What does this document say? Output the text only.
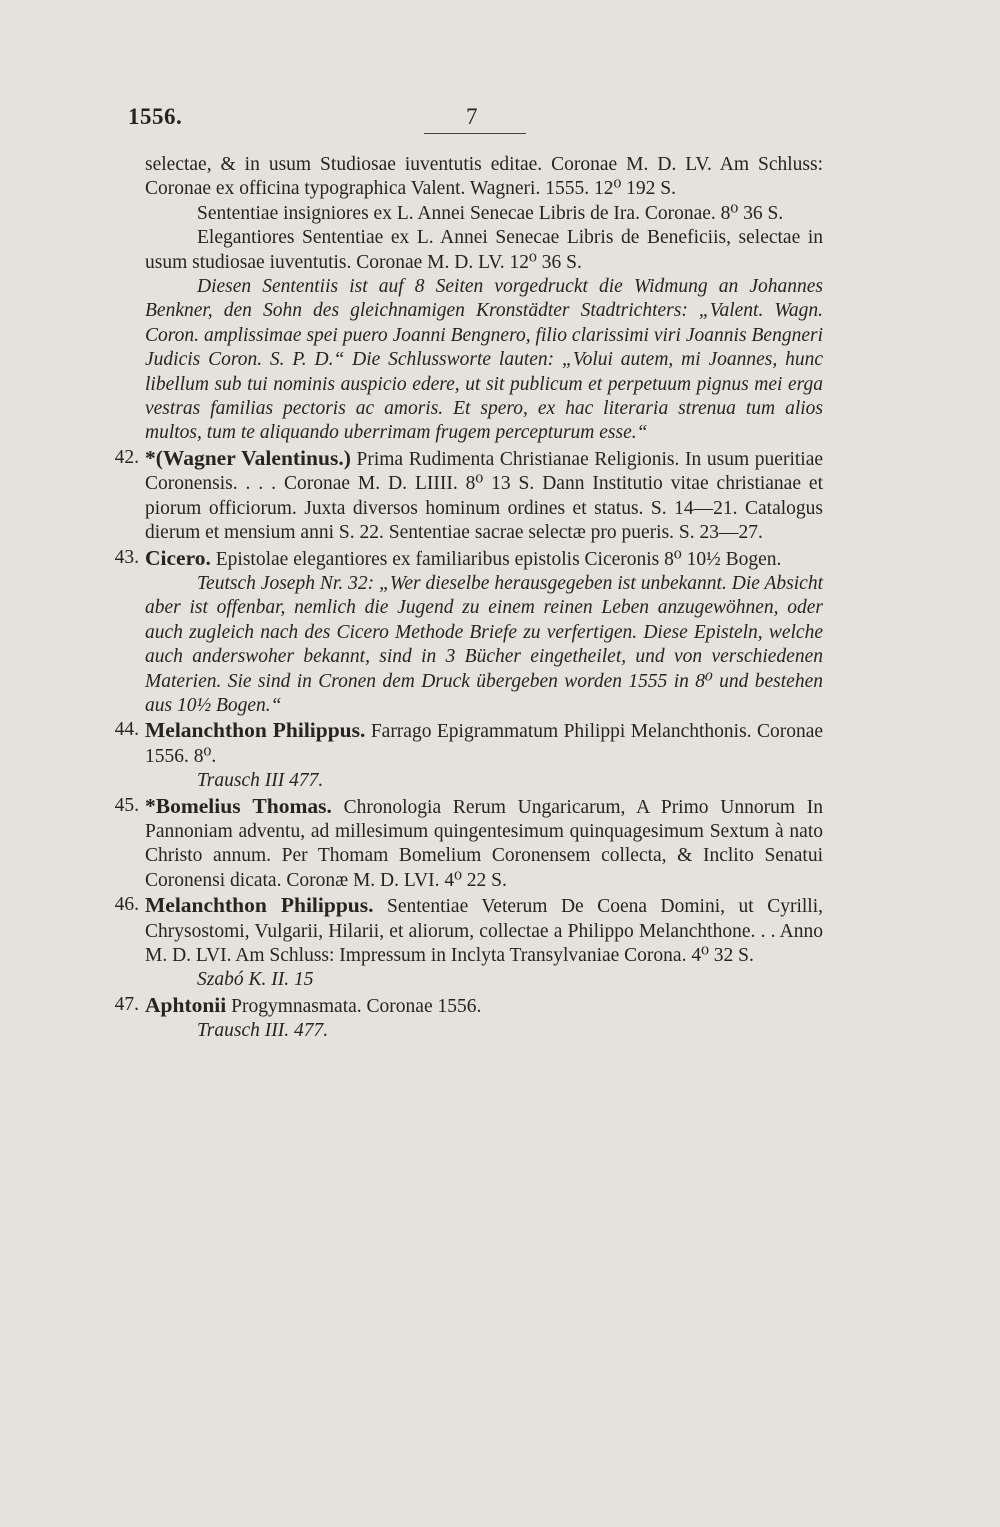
1556.	7

selectae, & in usum Studiosae iuventutis editae. Coronae M. D. LV. Am Schluss: Coronae ex officina typographica Valent. Wagneri. 1555. 12⁰ 192 S.

Sententiae insigniores ex L. Annei Senecae Libris de Ira. Coronae. 8⁰ 36 S.

Elegantiores Sententiae ex L. Annei Senecae Libris de Beneficiis, selectae in usum studiosae iuventutis. Coronae M. D. LV. 12⁰ 36 S.

Diesen Sententiis ist auf 8 Seiten vorgedruckt die Widmung an Johannes Benkner, den Sohn des gleichnamigen Kronstädter Stadtrichters: „Valent. Wagn. Coron. amplissimae spei puero Joanni Bengnero, filio clarissimi viri Joannis Bengneri Judicis Coron. S. P. D.“ Die Schlussworte lauten: „Volui autem, mi Joannes, hunc libellum sub tui nominis auspicio edere, ut sit publicum et perpetuum pignus mei erga vestras familias pectoris ac amoris. Et spero, ex hac literaria strenua tum alios multos, tum te aliquando uberrimam frugem percepturum esse.“

42. *(Wagner Valentinus.) Prima Rudimenta Christianae Religionis. In usum pueritiae Coronensis. . . . Coronae M. D. LIIII. 8⁰ 13 S. Dann Institutio vitae christianae et piorum officiorum. Juxta diversos hominum ordines et status. S. 14—21. Catalogus dierum et mensium anni S. 22. Sententiae sacrae selectæ pro pueris. S. 23—27.

43. Cicero. Epistolae elegantiores ex familiaribus epistolis Ciceronis 8⁰ 10½ Bogen.

Teutsch Joseph Nr. 32: „Wer dieselbe herausgegeben ist unbekannt. Die Absicht aber ist offenbar, nemlich die Jugend zu einem reinen Leben anzugewöhnen, oder auch zugleich nach des Cicero Methode Briefe zu verfertigen. Diese Episteln, welche auch anderswoher bekannt, sind in 3 Bücher eingetheilet, und von verschiedenen Materien. Sie sind in Cronen dem Druck übergeben worden 1555 in 8⁰ und bestehen aus 10½ Bogen.“

44. Melanchthon Philippus. Farrago Epigrammatum Philippi Melanchthonis. Coronae 1556. 8⁰.

Trausch III 477.

45. *Bomelius Thomas. Chronologia Rerum Ungaricarum, A Primo Unnorum In Pannoniam adventu, ad millesimum quingentesimum quinquagesimum Sextum à nato Christo annum. Per Thomam Bomelium Coronensem collecta, & Inclito Senatui Coronensi dicata. Coronæ M. D. LVI. 4⁰ 22 S.

46. Melanchthon Philippus. Sententiae Veterum De Coena Domini, ut Cyrilli, Chrysostomi, Vulgarii, Hilarii, et aliorum, collectae a Philippo Melanchthone. . . Anno M. D. LVI. Am Schluss: Impressum in Inclyta Transylvaniae Corona. 4⁰ 32 S.

Szabó K. II. 15

47. Aphtonii Progymnasmata. Coronae 1556.

Trausch III. 477.
